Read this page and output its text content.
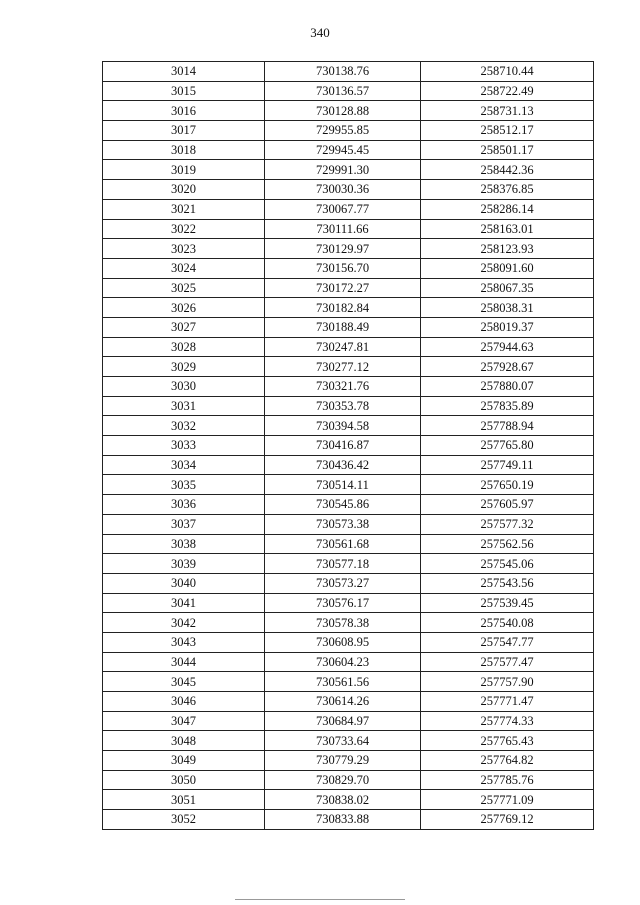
340
3014	730138.76	258710.44
3015	730136.57	258722.49
3016	730128.88	258731.13
3017	729955.85	258512.17
3018	729945.45	258501.17
3019	729991.30	258442.36
3020	730030.36	258376.85
3021	730067.77	258286.14
3022	730111.66	258163.01
3023	730129.97	258123.93
3024	730156.70	258091.60
3025	730172.27	258067.35
3026	730182.84	258038.31
3027	730188.49	258019.37
3028	730247.81	257944.63
3029	730277.12	257928.67
3030	730321.76	257880.07
3031	730353.78	257835.89
3032	730394.58	257788.94
3033	730416.87	257765.80
3034	730436.42	257749.11
3035	730514.11	257650.19
3036	730545.86	257605.97
3037	730573.38	257577.32
3038	730561.68	257562.56
3039	730577.18	257545.06
3040	730573.27	257543.56
3041	730576.17	257539.45
3042	730578.38	257540.08
3043	730608.95	257547.77
3044	730604.23	257577.47
3045	730561.56	257757.90
3046	730614.26	257771.47
3047	730684.97	257774.33
3048	730733.64	257765.43
3049	730779.29	257764.82
3050	730829.70	257785.76
3051	730838.02	257771.09
3052	730833.88	257769.12
